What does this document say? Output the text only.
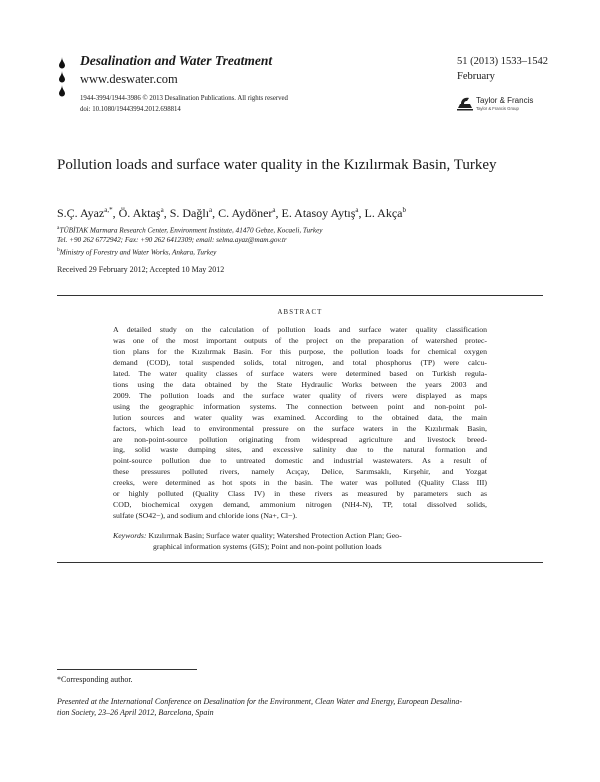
Desalination and Water Treatment
www.deswater.com
1944-3994/1944-3986 © 2013 Desalination Publications. All rights reserved
doi: 10.1080/19443994.2012.698814
51 (2013) 1533–1542
February
Taylor & Francis
Taylor & Francis Group
Pollution loads and surface water quality in the Kızılırmak Basin, Turkey
S.Ç. Ayaz$^{a,*}$, Ö. Aktaş$^a$, S. Dağlı$^a$, C. Aydöner$^a$, E. Atasoy Aytış$^a$, L. Akça$^b$
$^a$TÜBİTAK Marmara Research Center, Environment Institute, 41470 Gebze, Kocaeli, Turkey
Tel. +90 262 6772942; Fax: +90 262 6412309; email: selma.ayaz@mam.gov.tr
$^b$Ministry of Forestry and Water Works, Ankara, Turkey
Received 29 February 2012; Accepted 10 May 2012
ABSTRACT
A detailed study on the calculation of pollution loads and surface water quality classification
was one of the most important outputs of the project on the preparation of watershed protec-
tion plans for the Kızılırmak Basin. For this purpose, the pollution loads for chemical oxygen
demand (COD), total suspended solids, total nitrogen, and total phosphorus (TP) were calcu-
lated. The water quality classes of surface waters were determined based on Turkish regula-
tions using the data obtained by the State Hydraulic Works between the years 2003 and
2009. The pollution loads and the surface water quality of rivers were displayed as maps
using the geographic information systems. The connection between point and non-point pol-
lution sources and water quality was examined. According to the obtained data, the main
factors, which lead to environmental pressure on the surface waters in the Kızılırmak Basin,
are non-point-source pollution originating from widespread agriculture and livestock breed-
ing, solid waste dumping sites, and excessive salinity due to the natural formation and
point-source pollution due to untreated domestic and industrial wastewaters. As a result of
these pressures polluted rivers, namely Acıçay, Delice, Sarımsaklı, Kırşehir, and Yozgat
creeks, were determined as hot spots in the basin. The water was polluted (Quality Class III)
or highly polluted (Quality Class IV) in these rivers as measured by parameters such as
COD, biochemical oxygen demand, ammonium nitrogen (NH4-N), TP, total dissolved solids,
sulfate (SO42−), and sodium and chloride ions (Na+, Cl−).
Keywords: Kızılırmak Basin; Surface water quality; Watershed Protection Action Plan; Geo-
graphical information systems (GIS); Point and non-point pollution loads
*Corresponding author.
Presented at the International Conference on Desalination for the Environment, Clean Water and Energy, European Desalina-
tion Society, 23–26 April 2012, Barcelona, Spain
